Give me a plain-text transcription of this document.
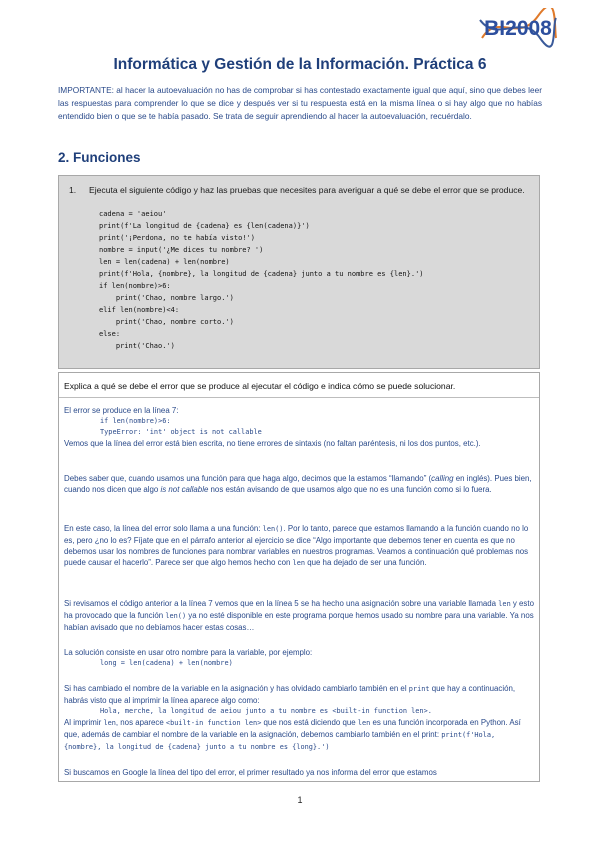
BI2008
Informática y Gestión de la Información. Práctica 6
IMPORTANTE: al hacer la autoevaluación no has de comprobar si has contestado exactamente igual que aquí, sino que debes leer las respuestas para comprender lo que se dice y después ver si tu respuesta está en la misma línea o si hay algo que no habías entendido bien o que se te había pasado. Se trata de seguir aprendiendo al hacer la autoevaluación, recuérdalo.
2. Funciones
1. Ejecuta el siguiente código y haz las pruebas que necesites para averiguar a qué se debe el error que se produce.
cadena = 'aeiou'
print(f'La longitud de {cadena} es {len(cadena)}')
print('¡Perdona, no te había visto!')
nombre = input('¿Me dices tu nombre? ')
len = len(cadena) + len(nombre)
print(f'Hola, {nombre}, la longitud de {cadena} junto a tu nombre es {len}.')
if len(nombre)>6:
print('Chao, nombre largo.')
elif len(nombre)<4:
print('Chao, nombre corto.')
else:
print('Chao.')
Explica a qué se debe el error que se produce al ejecutar el código e indica cómo se puede solucionar.
El error se produce en la línea 7:
if len(nombre)>6:
TypeError: 'int' object is not callable
Vemos que la línea del error está bien escrita, no tiene errores de sintaxis (no faltan paréntesis, ni los dos puntos, etc.).
Debes saber que, cuando usamos una función para que haga algo, decimos que la estamos “llamando” (calling en inglés). Pues bien, cuando nos dicen que algo is not callable nos están avisando de que usamos algo que no es una función como si lo fuera.
En este caso, la línea del error solo llama a una función: len(). Por lo tanto, parece que estamos llamando a la función cuando no lo es, pero ¿no lo es? Fíjate que en el párrafo anterior al ejercicio se dice “Algo importante que debemos tener en cuenta es que no debemos usar los nombres de funciones para nombrar variables en nuestros programas. Veamos a continuación qué problemas nos puede causar el hacerlo”. Parece ser que algo hemos hecho con len que ha dejado de ser una función.
Si revisamos el código anterior a la línea 7 vemos que en la línea 5 se ha hecho una asignación sobre una variable llamada len y esto ha provocado que la función len() ya no esté disponible en este programa porque hemos usado su nombre para una variable. Ya nos habían avisado que no debíamos hacer estas cosas…
La solución consiste en usar otro nombre para la variable, por ejemplo:
long = len(cadena) + len(nombre)
Si has cambiado el nombre de la variable en la asignación y has olvidado cambiarlo también en el print que hay a continuación, habrás visto que al imprimir la línea aparece algo como:
Hola, merche, la longitud de aeiou junto a tu nombre es <built-in function len>.
Al imprimir len, nos aparece <built-in function len> que nos está diciendo que len es una función incorporada en Python. Así que, además de cambiar el nombre de la variable en la asignación, debemos cambiarlo también en el print: print(f'Hola, {nombre}, la longitud de {cadena} junto a tu nombre es {long}.')
Si buscamos en Google la línea del tipo del error, el primer resultado ya nos informa del error que estamos
1
